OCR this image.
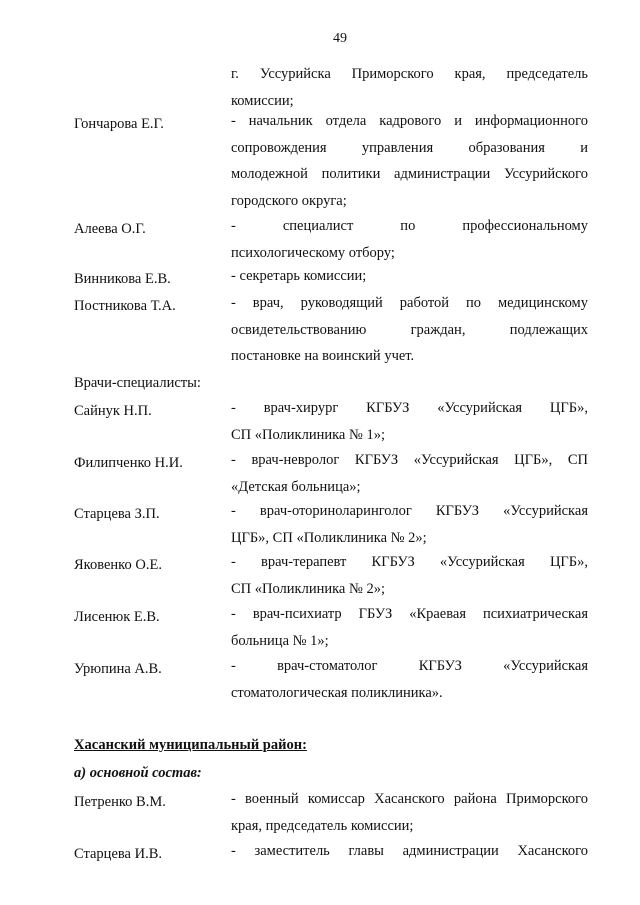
49
г. Уссурийска Приморского края, председатель
комиссии;
Гончарова Е.Г.	- начальник отдела кадрового и информационного
сопровождения управления образования и
молодежной политики администрации Уссурийского
городского округа;
Алеева О.Г.	- специалист по профессиональному
психологическому отбору;
Винникова Е.В.	- секретарь комиссии;
Постникова Т.А.	- врач, руководящий работой по медицинскому
освидетельствованию граждан, подлежащих
постановке на воинский учет.
Врачи-специалисты:
Сайнук Н.П.	- врач-хирург КГБУЗ «Уссурийская ЦГБ»,
СП «Поликлиника № 1»;
Филипченко Н.И.	- врач-невролог КГБУЗ «Уссурийская ЦГБ», СП
«Детская больница»;
Старцева З.П.	- врач-оториноларинголог КГБУЗ «Уссурийская
ЦГБ», СП «Поликлиника № 2»;
Яковенко О.Е.	- врач-терапевт КГБУЗ «Уссурийская ЦГБ»,
СП «Поликлиника № 2»;
Лисенюк Е.В.	- врач-психиатр ГБУЗ «Краевая психиатрическая
больница № 1»;
Урюпина А.В.	- врач-стоматолог КГБУЗ «Уссурийская
стоматологическая поликлиника».
Хасанский муниципальный район:
а) основной состав:
Петренко В.М.	- военный комиссар Хасанского района Приморского
края, председатель комиссии;
Старцева И.В.	- заместитель главы администрации Хасанского
